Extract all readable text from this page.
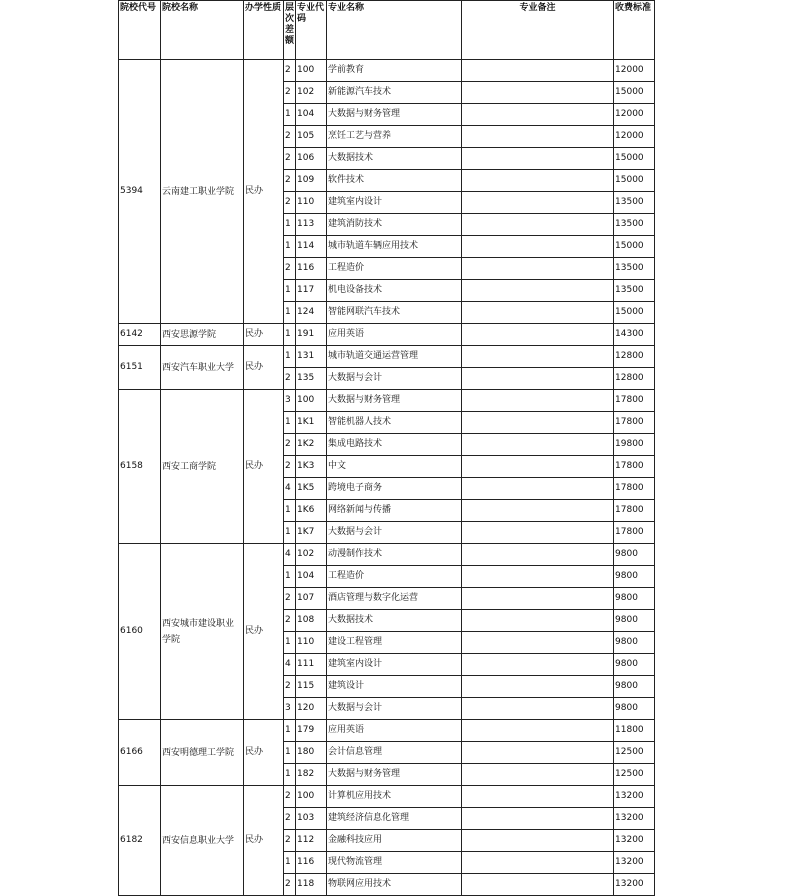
院校代号	院校名称	办学性质	层次差额	专业代码	专业名称	专业备注	收费标准
5394	云南建工职业学院	民办	2	100	学前教育		12000
			2	102	新能源汽车技术		15000
			1	104	大数据与财务管理		12000
			2	105	烹饪工艺与营养		12000
			2	106	大数据技术		15000
			2	109	软件技术		15000
			2	110	建筑室内设计		13500
			1	113	建筑消防技术		13500
			1	114	城市轨道车辆应用技术		15000
			2	116	工程造价		13500
			1	117	机电设备技术		13500
			1	124	智能网联汽车技术		15000
6142	西安思源学院	民办	1	191	应用英语		14300
6151	西安汽车职业大学	民办	1	131	城市轨道交通运营管理		12800
			2	135	大数据与会计		12800
6158	西安工商学院	民办	3	100	大数据与财务管理		17800
			1	1K1	智能机器人技术		17800
			2	1K2	集成电路技术		19800
			2	1K3	中文		17800
			4	1K5	跨境电子商务		17800
			1	1K6	网络新闻与传播		17800
			1	1K7	大数据与会计		17800
6160	西安城市建设职业学院	民办	4	102	动漫制作技术		9800
			1	104	工程造价		9800
			2	107	酒店管理与数字化运营		9800
			2	108	大数据技术		9800
			1	110	建设工程管理		9800
			4	111	建筑室内设计		9800
			2	115	建筑设计		9800
			3	120	大数据与会计		9800
6166	西安明德理工学院	民办	1	179	应用英语		11800
			1	180	会计信息管理		12500
			1	182	大数据与财务管理		12500
6182	西安信息职业大学	民办	2	100	计算机应用技术		13200
			2	103	建筑经济信息化管理		13200
			2	112	金融科技应用		13200
			1	116	现代物流管理		13200
			2	118	物联网应用技术		13200
